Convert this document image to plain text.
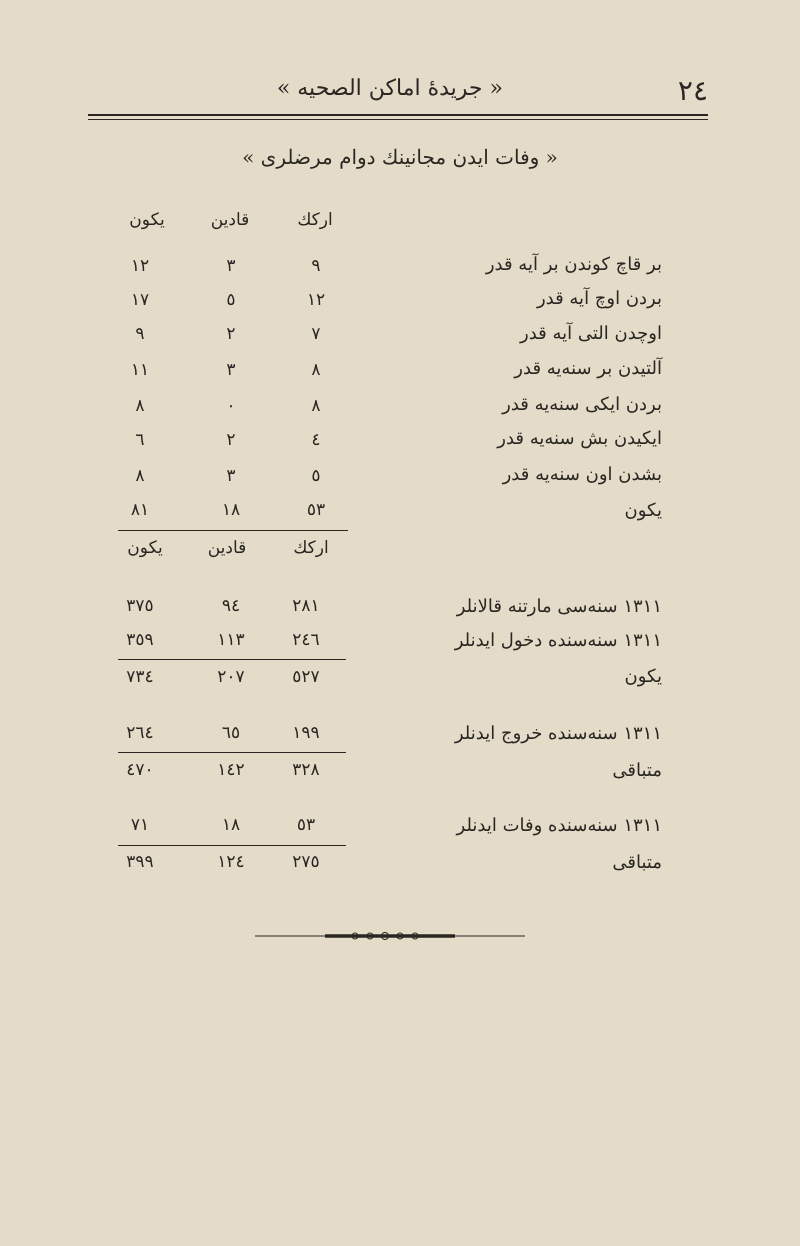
٢٤
« جريدهٔ اماكن الصحيه »
« وفات ايدن مجانينك دوام مرضلرى »
اركك
قادين
يكون
بر قاچ كوندن بر آيه قدر
٩
٣
١٢
بردن اوچ آيه قدر
١٢
٥
١٧
اوچدن التى آيه قدر
٧
٢
٩
آلتيدن بر سنه‌يه قدر
٨
٣
١١
بردن ايكى سنه‌يه قدر
٨
٠
٨
ايكيدن بش سنه‌يه قدر
٤
٢
٦
بشدن اون سنه‌يه قدر
٥
٣
٨
يكون
٥٣
١٨
٨١
اركك
قادين
يكون
١٣١١ سنه‌سى مارتنه قالانلر
٢٨١
٩٤
٣٧٥
١٣١١ سنه‌سنده دخول ايدنلر
٢٤٦
١١٣
٣٥٩
يكون
٥٢٧
٢٠٧
٧٣٤
١٣١١ سنه‌سنده خروج ايدنلر
١٩٩
٦٥
٢٦٤
متباقى
٣٢٨
١٤٢
٤٧٠
١٣١١ سنه‌سنده وفات ايدنلر
٥٣
١٨
٧١
متباقى
٢٧٥
١٢٤
٣٩٩
